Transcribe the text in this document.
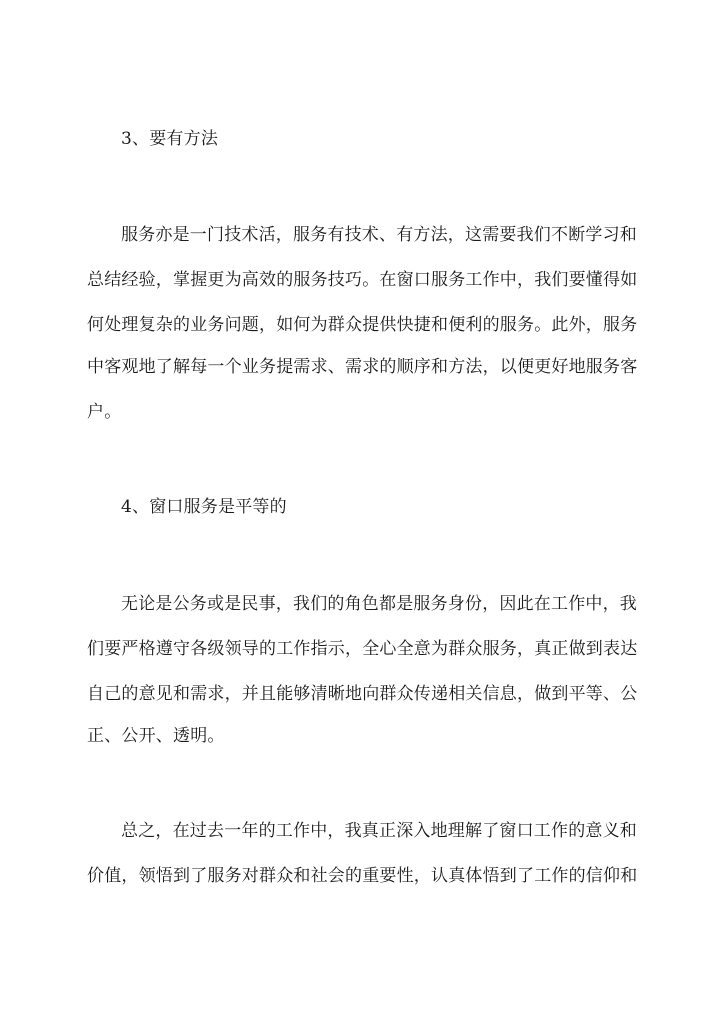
3、要有方法
服务亦是一门技术活，服务有技术、有方法，这需要我们不断学习和
总结经验，掌握更为高效的服务技巧。在窗口服务工作中，我们要懂得如
何处理复杂的业务问题，如何为群众提供快捷和便利的服务。此外，服务
中客观地了解每一个业务提需求、需求的顺序和方法，以便更好地服务客
户。
4、窗口服务是平等的
无论是公务或是民事，我们的角色都是服务身份，因此在工作中，我
们要严格遵守各级领导的工作指示，全心全意为群众服务，真正做到表达
自己的意见和需求，并且能够清晰地向群众传递相关信息，做到平等、公
正、公开、透明。
总之，在过去一年的工作中，我真正深入地理解了窗口工作的意义和
价值，领悟到了服务对群众和社会的重要性，认真体悟到了工作的信仰和
